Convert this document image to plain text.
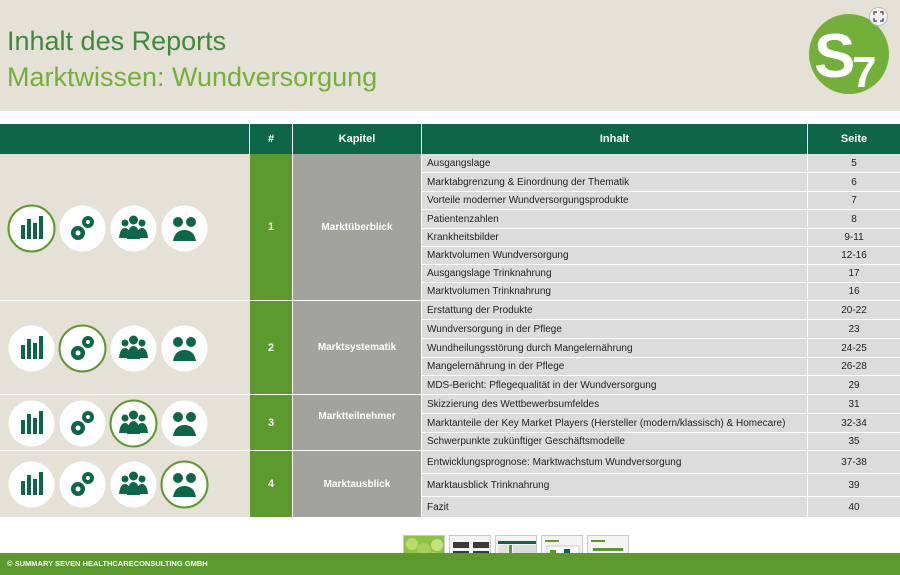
Inhalt des Reports
Marktwissen: Wundversorgung	S
7
#	Kapitel	Inhalt	Seite
1	Marktüberblick
Ausgangslage	5
Marktabgrenzung & Einordnung der Thematik	6
Vorteile moderner Wundversorgungsprodukte	7
Patientenzahlen	8
Krankheitsbilder	9-11
Marktvolumen Wundversorgung	12-16
Ausgangslage Trinknahrung	17
Marktvolumen Trinknahrung	16
2	Marktsystematik
Erstattung der Produkte	20-22
Wundversorgung in der Pflege	23
Wundheilungsstörung durch Mangelernährung	24-25
Mangelernährung in der Pflege	26-28
MDS-Bericht: Pflegequalität in der Wundversorgung	29
3	Marktteilnehmer
Skizzierung des Wettbewerbsumfeldes	31
Marktanteile der Key Market Players (Hersteller (modern/klassisch) & Homecare)	32-34
Schwerpunkte zukünftiger Geschäftsmodelle	35
4	Marktausblick
Entwicklungsprognose: Marktwachstum Wundversorgung	37-38
Marktausblick Trinknahrung	39
Fazit	40
© SUMMARY SEVEN HEALTHCARECONSULTING GMBH
